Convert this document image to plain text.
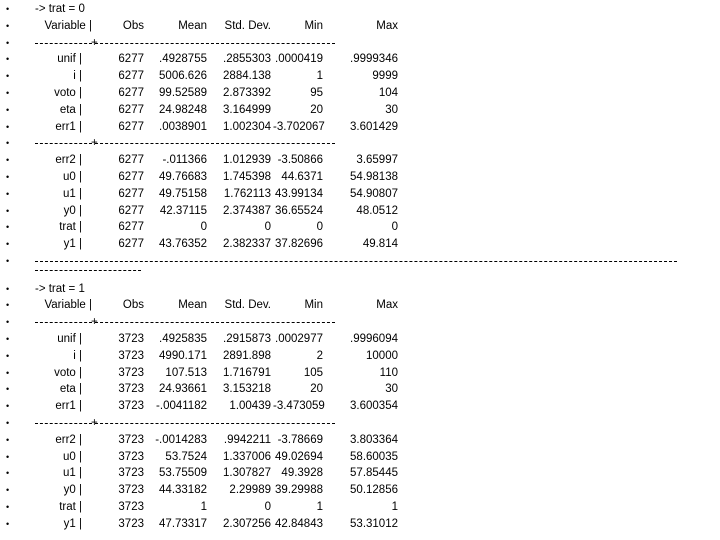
•	-> trat = 0
•	Variable |	Obs	Mean	Std. Dev.	Min	Max
•	+
•	unif |	6277	.4928755	.2855303 .0000419	.9999346
•	i |	6277	5006.626	2884.138	1	9999
•	voto |	6277	99.52589	2.873392	95	104
•	eta |	6277	24.98248	3.164999	20	30
•	err1 |	6277	.0038901	1.002304 -3.702067	3.601429
•	+
•	err2 |	6277	-.011366	1.012939 -3.50866	3.65997
•	u0 |	6277	49.76683	1.745398 44.6371	54.98138
•	u1 |	6277	49.75158	1.762113 43.99134	54.90807
•	y0 |	6277	42.37115	2.374387 36.65524	48.0512
•	trat |	6277	0	0	0	0
•	y1 |	6277	43.76352	2.382337 37.82696	49.814
•
•	-> trat = 1
•	Variable |	Obs	Mean	Std. Dev.	Min	Max
•	+
•	unif |	3723	.4925835	.2915873 .0002977	.9996094
•	i |	3723	4990.171	2891.898	2	10000
•	voto |	3723	107.513	1.716791	105	110
•	eta |	3723	24.93661	3.153218	20	30
•	err1 |	3723	-.0041182	1.00439 -3.473059	3.600354
•	+
•	err2 |	3723 -.0014283	.9942211 -3.78669	3.803364
•	u0 |	3723	53.7524	1.337006 49.02694	58.60035
•	u1 |	3723	53.75509	1.307827 49.3928	57.85445
•	y0 |	3723	44.33182	2.29989 39.29988	50.12856
•	trat |	3723	1	0	1	1
•	y1 |	3723	47.73317	2.307256 42.84843	53.31012
